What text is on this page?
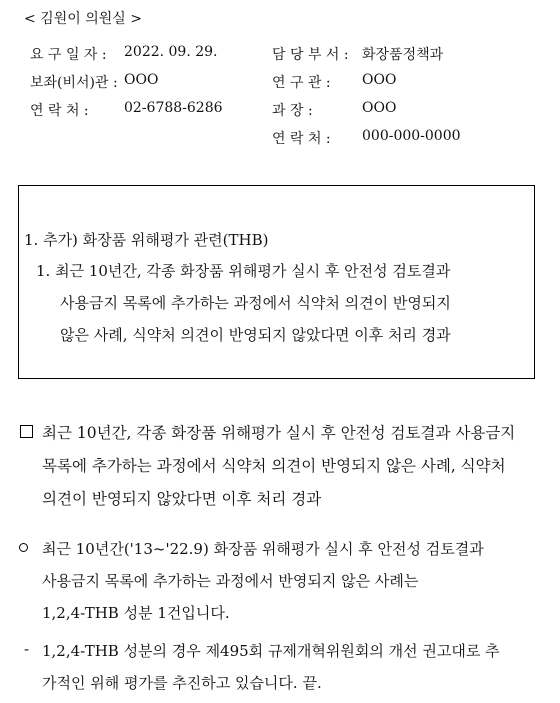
< 김원이 의원실 >
요 구 일 자 : 2022. 09. 29.
보좌(비서)관 : OOO
연 락 처 :	02-6788-6286
담 당 부 서 : 화장품정책과
연 구 관 : OOO
과 장 :	OOO
연 락 처 : 000-000-0000
1. 추가) 화장품 위해평가 관련(THB)
1. 최근 10년간, 각종 화장품 위해평가 실시 후 안전성 검토결과
사용금지 목록에 추가하는 과정에서 식약처 의견이 반영되지
않은 사례, 식약처 의견이 반영되지 않았다면 이후 처리 경과
최근 10년간, 각종 화장품 위해평가 실시 후 안전성 검토결과 사용금지
목록에 추가하는 과정에서 식약처 의견이 반영되지 않은 사례, 식약처
의견이 반영되지 않았다면 이후 처리 경과
최근 10년간('13~'22.9) 화장품 위해평가 실시 후 안전성 검토결과
사용금지 목록에 추가하는 과정에서 반영되지 않은 사례는
1,2,4-THB 성분 1건입니다.
- 1,2,4-THB 성분의 경우 제495회 규제개혁위원회의 개선 권고대로 추
가적인 위해 평가를 추진하고 있습니다. 끝.
